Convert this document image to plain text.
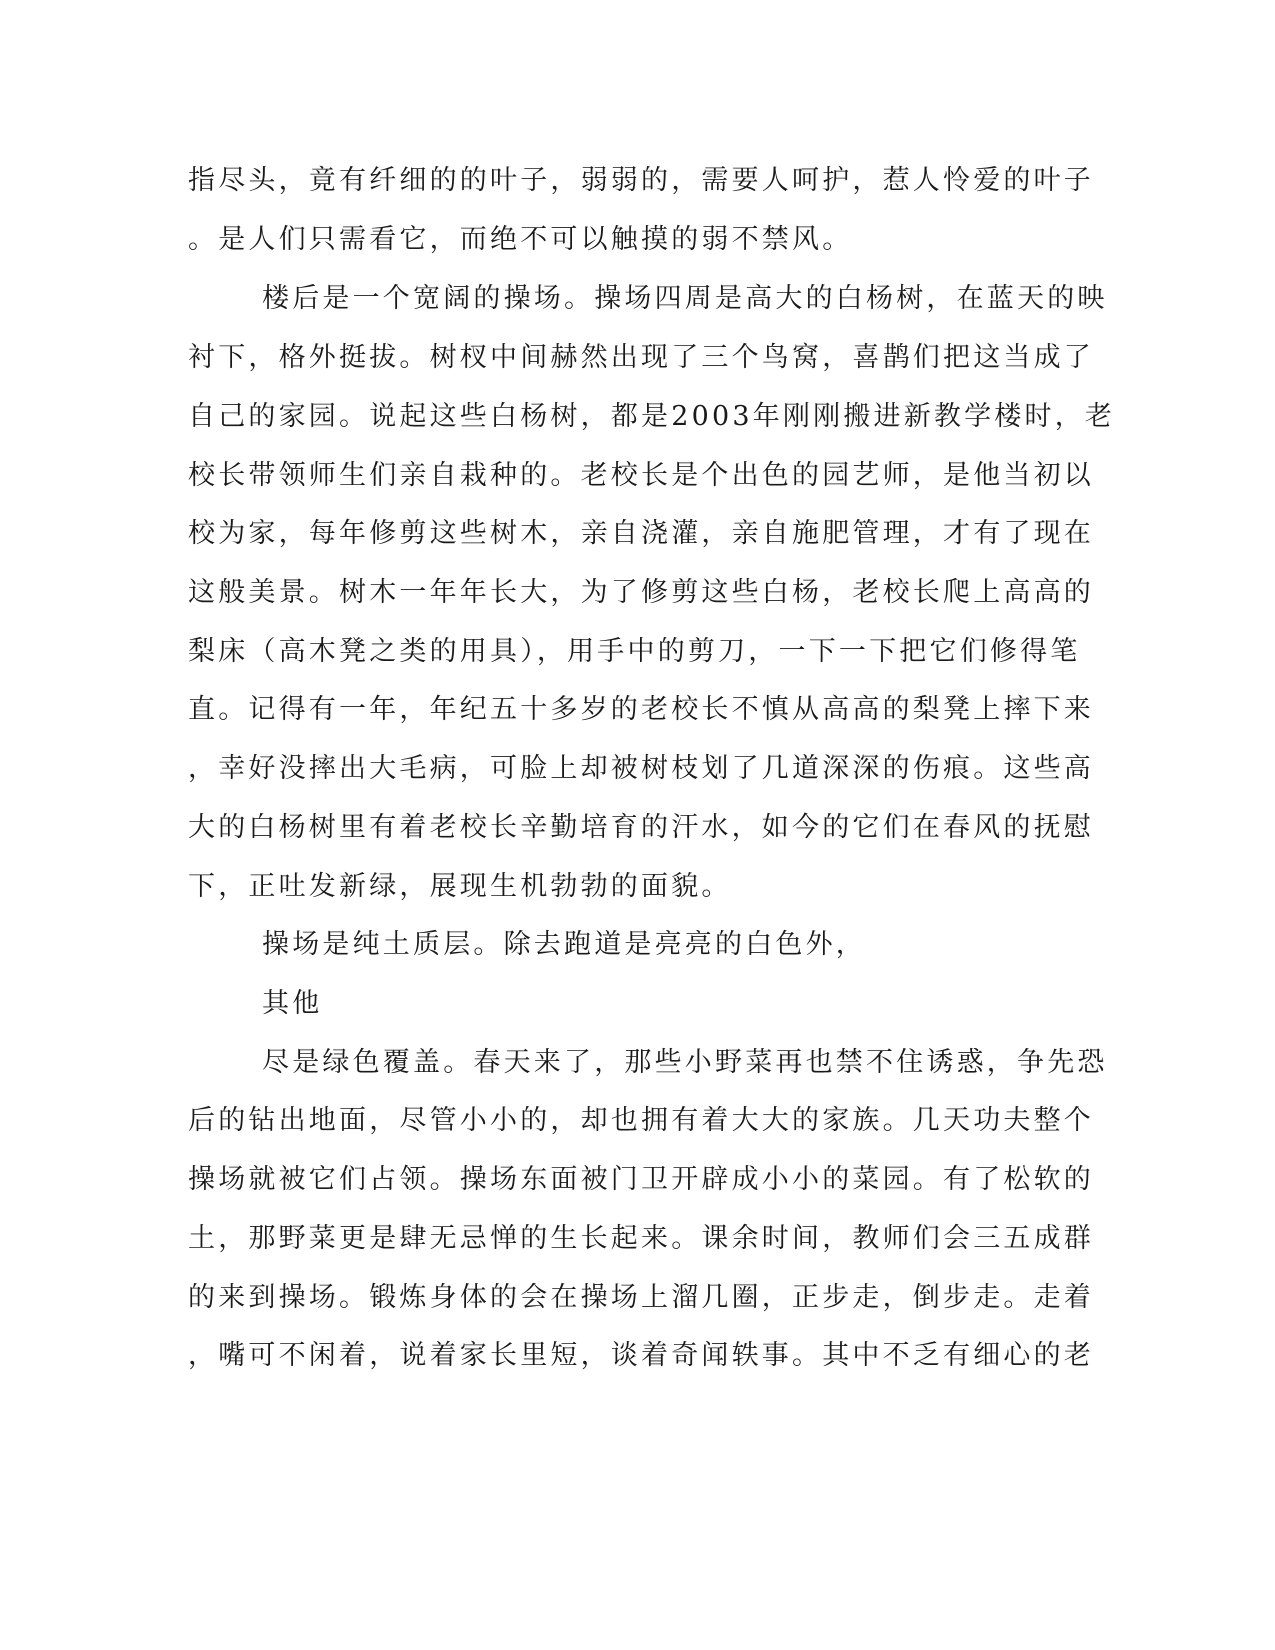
指尽头，竟有纤细的的叶子，弱弱的，需要人呵护，惹人怜爱的叶子
。是人们只需看它，而绝不可以触摸的弱不禁风。
楼后是一个宽阔的操场。操场四周是高大的白杨树，在蓝天的映
衬下，格外挺拔。树杈中间赫然出现了三个鸟窝，喜鹊们把这当成了
自己的家园。说起这些白杨树，都是2003年刚刚搬进新教学楼时，老
校长带领师生们亲自栽种的。老校长是个出色的园艺师，是他当初以
校为家，每年修剪这些树木，亲自浇灌，亲自施肥管理，才有了现在
这般美景。树木一年年长大，为了修剪这些白杨，老校长爬上高高的
梨床（高木凳之类的用具），用手中的剪刀，一下一下把它们修得笔
直。记得有一年，年纪五十多岁的老校长不慎从高高的梨凳上摔下来
，幸好没摔出大毛病，可脸上却被树枝划了几道深深的伤痕。这些高
大的白杨树里有着老校长辛勤培育的汗水，如今的它们在春风的抚慰
下，正吐发新绿，展现生机勃勃的面貌。
操场是纯土质层。除去跑道是亮亮的白色外，
其他
尽是绿色覆盖。春天来了，那些小野菜再也禁不住诱惑，争先恐
后的钻出地面，尽管小小的，却也拥有着大大的家族。几天功夫整个
操场就被它们占领。操场东面被门卫开辟成小小的菜园。有了松软的
土，那野菜更是肆无忌惮的生长起来。课余时间，教师们会三五成群
的来到操场。锻炼身体的会在操场上溜几圈，正步走，倒步走。走着
，嘴可不闲着，说着家长里短，谈着奇闻轶事。其中不乏有细心的老
